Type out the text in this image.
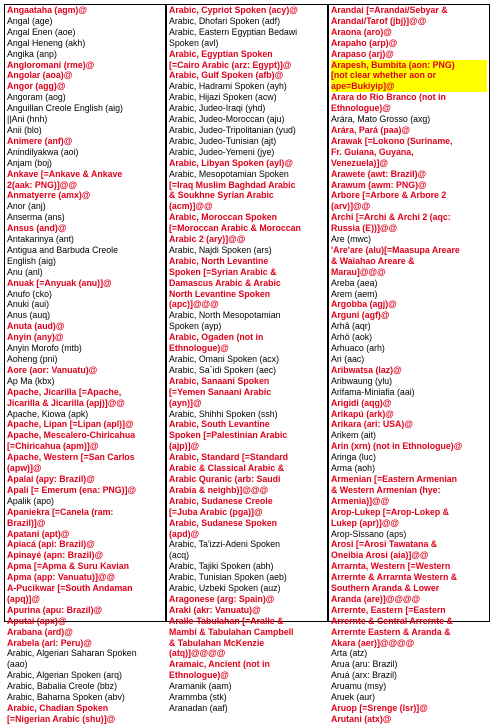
Angaataha (agm)@
Angal (age)
Angal Enen (aoe)
Angal Heneng (akh)
Angika (anp)
Angloromani (rme)@
Angolar (aoa)@
Angor (agg)@
Angoram (aog)
Anguillan Creole English (aig)
||Ani (hnh)
Anii (blo)
Animere (anf)@
Anindilyakwa (aoi)
Anjam (boj)
Ankave [=Ankave & Ankave
2(aak: PNG)]@@
Anmatyerre (amx)@
Anor (anj)
Anserma (ans)
Ansus (and)@
Antakarinya (ant)
Antigua and Barbuda Creole
English (aig)
Anu (anl)
Anuak [=Anyuak (anu)]@
Anufo (cko)
Anuki (aui)
Anus (auq)
Anuta (aud)@
Anyin (any)@
Anyin Morofo (mtb)
Aoheng (pni)
Aore (aor: Vanuatu)@
Ap Ma (kbx)
Apache, Jicarilla [=Apache,
Jicarilla & Jicarilla (apj)]@@
Apache, Kiowa (apk)
Apache, Lipan [=Lipan (apl)]@
Apache, Mescalero-Chiricahua
[=Chiricahua (apm)]@
Apache, Western [=San Carlos
(apw)]@
Apalai (apy: Brazil)@
Apali [= Emerum (ena: PNG)]@
Apalik (apo)
Apaniekra [=Canela (ram:
Brazil)]@
Apatani (apt)@
Apiacá (api: Brazil)@
Apinayé (apn: Brazil)@
Apma [=Apma & Suru Kavian
Apma (app: Vanuatu)]@@
A-Pucikwar [=South Andaman
(apq)]@
Apurina (apu: Brazil)@
Aputai (apx)@
Arabana (ard)@
Arabela (arl: Peru)@
Arabic, Algerian Saharan Spoken
(aao)
Arabic, Algerian Spoken (arq)
Arabic, Babalia Creole (bbz)
Arabic, Baharna Spoken (abv)
Arabic, Chadian Spoken
[=Nigerian Arabic (shu)]@
Arabic, Cypriot Spoken (acy)@
Arabic, Dhofari Spoken (adf)
Arabic, Eastern Egyptian Bedawi
Spoken (avl)
Arabic, Egyptian Spoken
[=Cairo Arabic (arz: Egypt)]@
Arabic, Gulf Spoken (afb)@
Arabic, Hadrami Spoken (ayh)
Arabic, Hijazi Spoken (acw)
Arabic, Judeo-Iraqi (yhd)
Arabic, Judeo-Moroccan (aju)
Arabic, Judeo-Tripolitanian (yud)
Arabic, Judeo-Tunisian (ajt)
Arabic, Judeo-Yemeni (jye)
Arabic, Libyan Spoken (ayl)@
Arabic, Mesopotamian Spoken
[=Iraq Muslim Baghdad Arabic
& Soukhne Syrian Arabic
(acm)]@@
Arabic, Moroccan Spoken
[=Moroccan Arabic & Moroccan
Arabic 2 (ary)]@@
Arabic, Najdi Spoken (ars)
Arabic, North Levantine
Spoken [=Syrian Arabic &
Damascus Arabic & Arabic
North Levantine Spoken
(apc)]@@@
Arabic, North Mesopotamian
Spoken (ayp)
Arabic, Ogaden (not in
Ethnologue)@
Arabic, Omani Spoken (acx)
Arabic, Sa`idi Spoken (aec)
Arabic, Sanaani Spoken
[=Yemen Sanaani Arabic
(ayn)]@
Arabic, Shihhi Spoken (ssh)
Arabic, South Levantine
Spoken [=Palestinian Arabic
(ajp)]@
Arabic, Standard [=Standard
Arabic & Classical Arabic &
Arabic Quranic (arb: Saudi
Arabia & neighb)]@@@
Arabic, Sudanese Creole
[=Juba Arabic (pga)]@
Arabic, Sudanese Spoken
(apd)@
Arabic, Ta'izzi-Adeni Spoken
(acq)
Arabic, Tajiki Spoken (abh)
Arabic, Tunisian Spoken (aeb)
Arabic, Uzbeki Spoken (auz)
Aragonese (arg: Spain)@
Araki (akr: Vanuatu)@
Aralle-Tabulahan [=Aralle &
Mambi & Tabulahan Campbell
& Tabulahan McKenzie
(atq)]@@@@
Aramaic, Ancient (not in
Ethnologue)@
Aramanik (aam)
Arammba (stk)
Aranadan (aaf)
Arandai [=Arandai/Sebyar &
Arandai/Tarof (jbj)]@@
Araona (aro)@
Arapaho (arp)@
Arapaso (arj)@
Arapesh, Bumbita (aon: PNG)
[not clear whether aon or
ape=Bukiyip]@
Arara do Rio Branco (not in
Ethnologue)@
Arára, Mato Grosso (axg)
Arára, Pará (paa)@
Arawak [=Lokono (Suriname,
Fr. Guiana, Guyana,
Venezuela)]@
Arawete (awt: Brazil)@
Arawum (awm: PNG)@
Arbore [=Arbore & Arbore 2
(arv)]@@
Archi [=Archi & Archi 2 (aqc:
Russia (E))]@@
Are (mwc)
'Are'are (alu)[=Maasupa Areare
& Waiahao Areare &
Marau]@@@
Areba (aea)
Arem (aem)
Argobba (agj)@
Arguni (agf)@
Arhâ (aqr)
Arhö (aok)
Arhuaco (arh)
Ari (aac)
Aribwatsa (laz)@
Aribwaung (ylu)
Arifama-Miniafia (aai)
Arigidi (aqg)@
Arikapú (ark)@
Arikara (ari: USA)@
Arikem (ait)
Arin (xrn) (not in Ethnologue)@
Aringa (luc)
Arma (aoh)
Armenian [=Eastern Armenian
& Western Armenian (hye:
Armenia)]@@
Arop-Lukep [=Arop-Lokep &
Lukep (apr)]@@
Arop-Sissano (aps)
Arosi [=Arosi Tawatana &
Oneibia Arosi (aia)]@@
Arrarnta, Western [=Western
Arrernte & Arrarnta Western &
Southern Aranda & Lower
Aranda (are)]@@@@
Arrernte, Eastern [=Eastern
Arrernte & Central Arrernte &
Arrernte Eastern & Aranda &
Akara (aer)]@@@@
Arta (atz)
Arua (aru: Brazil)
Aruá (arx: Brazil)
Aruamu (msy)
Aruek (aur)
Aruop [=Srenge (lsr)]@
Arutani (atx)@
